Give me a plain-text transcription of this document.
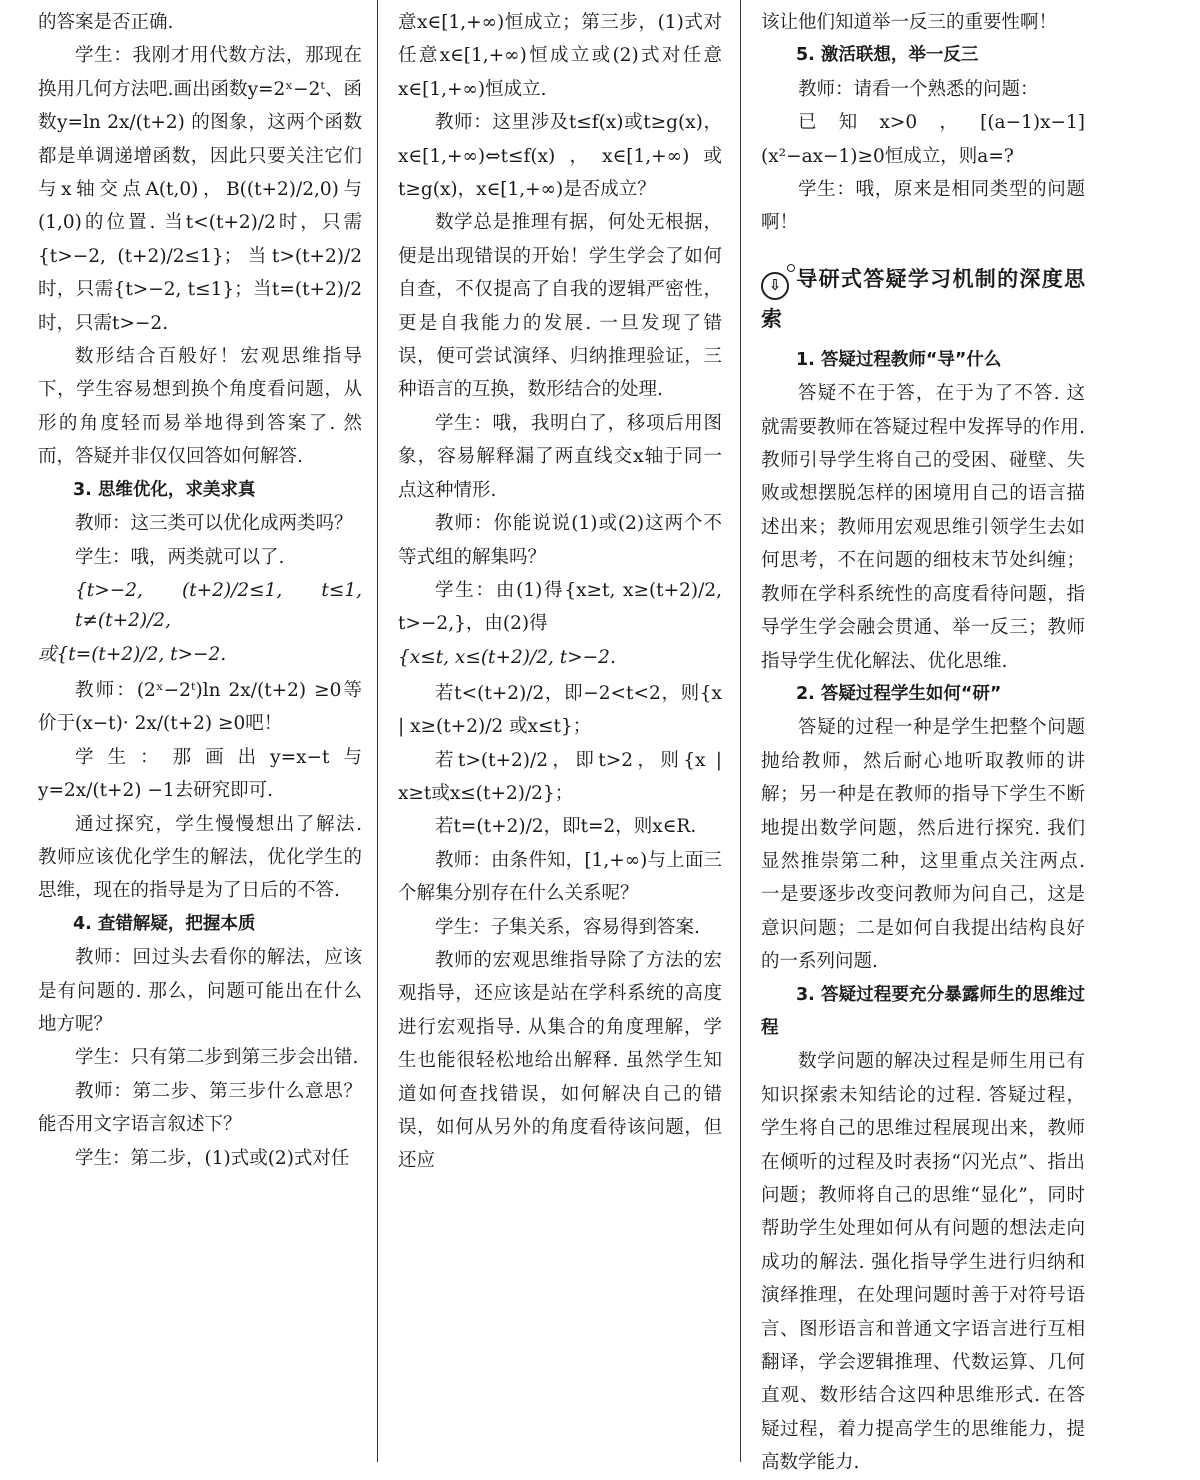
的答案是否正确.

学生：我刚才用代数方法，那现在换用几何方法吧.画出函数y=2ˣ−2ᵗ、函数y=ln 2x/(t+2) 的图象，这两个函数都是单调递增函数，因此只要关注它们与x轴交点A(t,0)，B((t+2)/2,0)与(1,0)的位置. 当t<(t+2)/2时，只需{t>−2, (t+2)/2≤1}；当t>(t+2)/2时，只需{t>−2, t≤1}；当t=(t+2)/2时，只需t>−2.

数形结合百般好！宏观思维指导下，学生容易想到换个角度看问题，从形的角度轻而易举地得到答案了. 然而，答疑并非仅仅回答如何解答.

3. 思维优化，求美求真

教师：这三类可以优化成两类吗？

学生：哦，两类就可以了.

{t>−2, (t+2)/2≤1, t≤1, t≠(t+2)/2,
或{t=(t+2)/2, t>−2.

教师：(2ˣ−2ᵗ)ln 2x/(t+2) ≥0等价于(x−t)· 2x/(t+2) ≥0吧！

学生：那画出y=x−t与y=2x/(t+2) −1去研究即可.

通过探究，学生慢慢想出了解法. 教师应该优化学生的解法，优化学生的思维，现在的指导是为了日后的不答.

4. 查错解疑，把握本质

教师：回过头去看你的解法，应该是有问题的. 那么，问题可能出在什么地方呢？

学生：只有第二步到第三步会出错.

教师：第二步、第三步什么意思？能否用文字语言叙述下？

学生：第二步，(1)式或(2)式对任

意x∈[1,+∞)恒成立；第三步，(1)式对任意x∈[1,+∞)恒成立或(2)式对任意x∈[1,+∞)恒成立.

教师：这里涉及t≤f(x)或t≥g(x)，x∈[1,+∞)⇔t≤f(x)，x∈[1,+∞)或t≥g(x)，x∈[1,+∞)是否成立？

数学总是推理有据，何处无根据，便是出现错误的开始！学生学会了如何自查，不仅提高了自我的逻辑严密性，更是自我能力的发展. 一旦发现了错误，便可尝试演绎、归纳推理验证，三种语言的互换，数形结合的处理.

学生：哦，我明白了，移项后用图象，容易解释漏了两直线交x轴于同一点这种情形.

教师：你能说说(1)或(2)这两个不等式组的解集吗？

学生：由(1)得{x≥t, x≥(t+2)/2, t>−2,}，由(2)得

{x≤t, x≤(t+2)/2, t>−2.

若t<(t+2)/2，即−2<t<2，则{x | x≥(t+2)/2 或x≤t}；

若t>(t+2)/2，即t>2，则{x | x≥t或x≤(t+2)/2}；

若t=(t+2)/2，即t=2，则x∈R.

教师：由条件知，[1,+∞)与上面三个解集分别存在什么关系呢？

学生：子集关系，容易得到答案.

教师的宏观思维指导除了方法的宏观指导，还应该是站在学科系统的高度进行宏观指导. 从集合的角度理解，学生也能很轻松地给出解释. 虽然学生知道如何查找错误，如何解决自己的错误，如何从另外的角度看待该问题，但还应

该让他们知道举一反三的重要性啊！

5. 激活联想，举一反三

教师：请看一个熟悉的问题：

已知x>0，[(a−1)x−1](x²−ax−1)≥0恒成立，则a=?

学生：哦，原来是相同类型的问题啊！

⇩ 导研式答疑学习机制的深度思索
1. 答疑过程教师“导”什么

答疑不在于答，在于为了不答. 这就需要教师在答疑过程中发挥导的作用. 教师引导学生将自己的受困、碰壁、失败或想摆脱怎样的困境用自己的语言描述出来；教师用宏观思维引领学生去如何思考，不在问题的细枝末节处纠缠；教师在学科系统性的高度看待问题，指导学生学会融会贯通、举一反三；教师指导学生优化解法、优化思维.

2. 答疑过程学生如何“研”

答疑的过程一种是学生把整个问题抛给教师，然后耐心地听取教师的讲解；另一种是在教师的指导下学生不断地提出数学问题，然后进行探究. 我们显然推崇第二种，这里重点关注两点. 一是要逐步改变问教师为问自己，这是意识问题；二是如何自我提出结构良好的一系列问题.

3. 答疑过程要充分暴露师生的思维过程

数学问题的解决过程是师生用已有知识探索未知结论的过程. 答疑过程，学生将自己的思维过程展现出来，教师在倾听的过程及时表扬“闪光点”、指出问题；教师将自己的思维“显化”，同时帮助学生处理如何从有问题的想法走向成功的解法. 强化指导学生进行归纳和演绎推理，在处理问题时善于对符号语言、图形语言和普通文字语言进行互相翻译，学会逻辑推理、代数运算、几何直观、数形结合这四种思维形式. 在答疑过程，着力提高学生的思维能力，提高数学能力.
